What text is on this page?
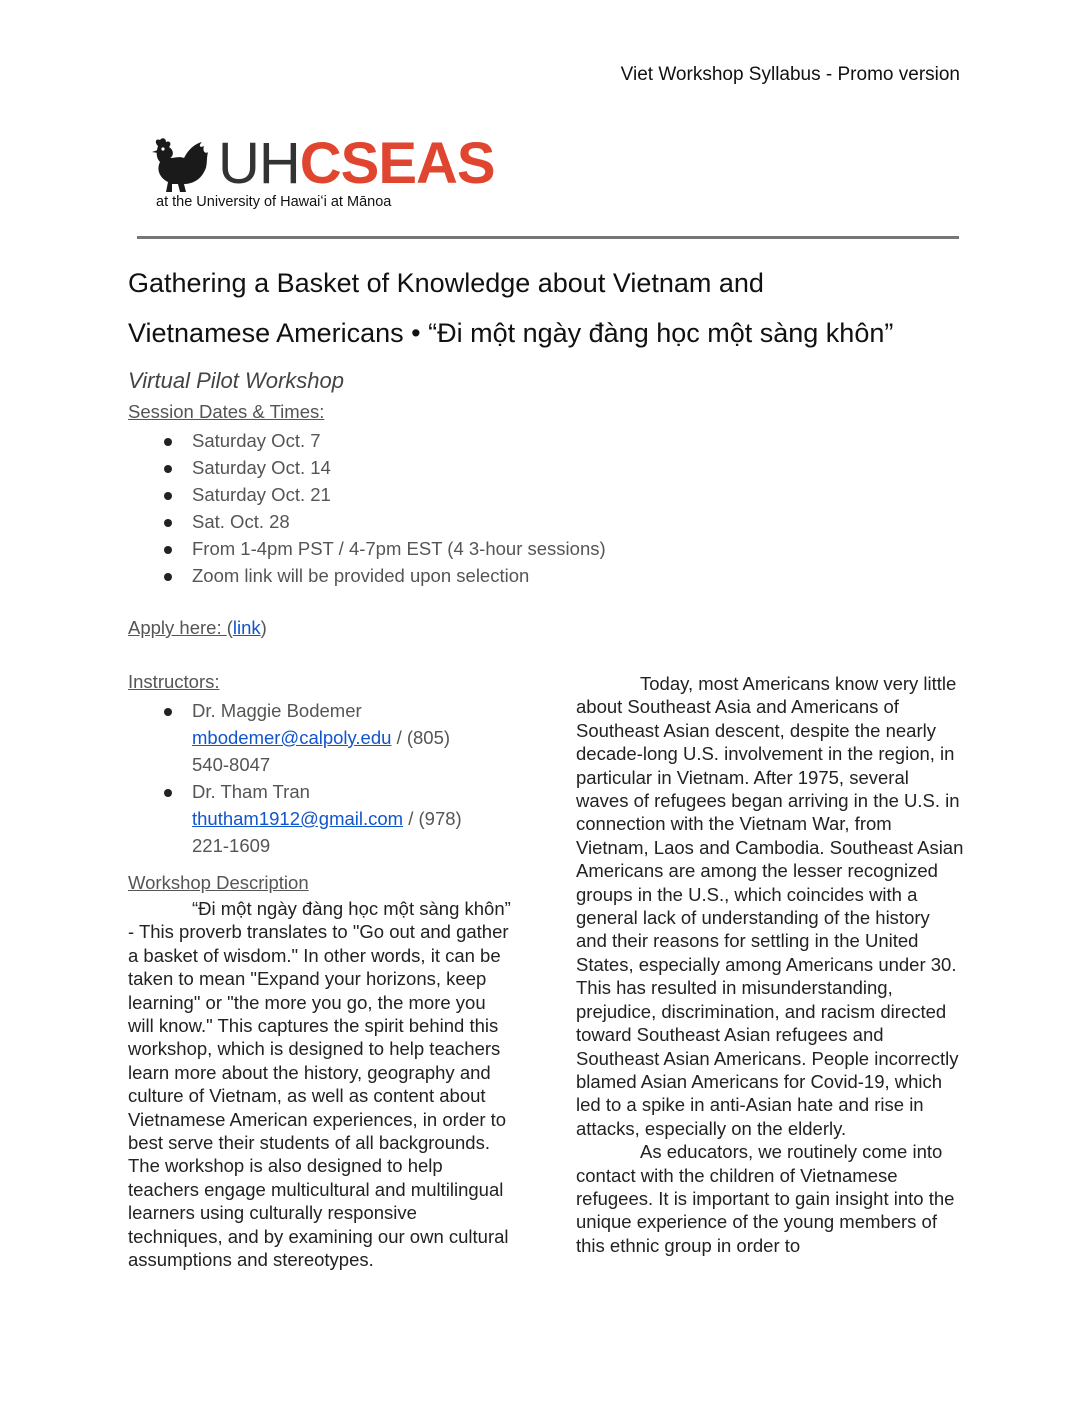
Viet Workshop Syllabus - Promo version
UHCSEAS
at the University of Hawaiʻi at Mānoa
Gathering a Basket of Knowledge about Vietnam and
Vietnamese Americans • “Đi một ngày đàng học một sàng khôn”
Virtual Pilot Workshop
Session Dates & Times:
Saturday Oct. 7
Saturday Oct. 14
Saturday Oct. 21
Sat. Oct. 28
From 1-4pm PST / 4-7pm EST (4 3-hour sessions)
Zoom link will be provided upon selection
Apply here: (link)
Instructors:
Dr. Maggie Bodemer
mbodemer@calpoly.edu / (805)
540-8047
Dr. Tham Tran
thutham1912@gmail.com / (978)
221-1609
Workshop Description

“Đi một ngày đàng học một sàng khôn” - This proverb translates to "Go out and gather a basket of wisdom." In other words, it can be taken to mean "Expand your horizons, keep learning" or "the more you go, the more you will know." This captures the spirit behind this workshop, which is designed to help teachers learn more about the history, geography and culture of Vietnam, as well as content about Vietnamese American experiences, in order to best serve their students of all backgrounds. The workshop is also designed to help teachers engage multicultural and multilingual learners using culturally responsive techniques, and by examining our own cultural assumptions and stereotypes.

Today, most Americans know very little about Southeast Asia and Americans of Southeast Asian descent, despite the nearly decade-long U.S. involvement in the region, in particular in Vietnam. After 1975, several waves of refugees began arriving in the U.S. in connection with the Vietnam War, from Vietnam, Laos and Cambodia. Southeast Asian Americans are among the lesser recognized groups in the U.S., which coincides with a general lack of understanding of the history and their reasons for settling in the United States, especially among Americans under 30. This has resulted in misunderstanding, prejudice, discrimination, and racism directed toward Southeast Asian refugees and Southeast Asian Americans. People incorrectly blamed Asian Americans for Covid-19, which led to a spike in anti-Asian hate and rise in attacks, especially on the elderly.

As educators, we routinely come into contact with the children of Vietnamese refugees. It is important to gain insight into the unique experience of the young members of this ethnic group in order to
